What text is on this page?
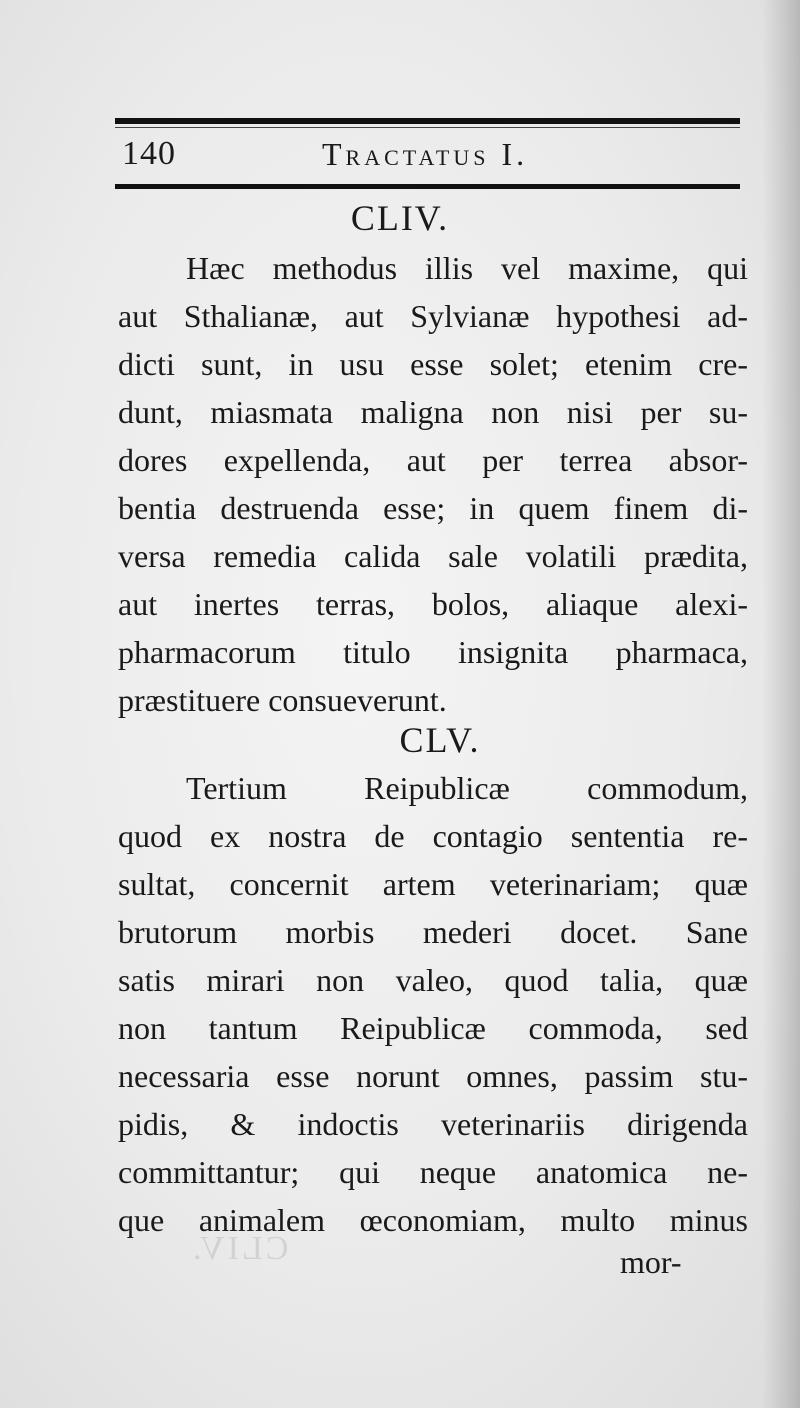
CLIV.
140	Tractatus I.
CLIV.
Hæc methodus illis vel maxime, qui
aut Sthalianæ, aut Sylvianæ hypothesi ad-
dicti sunt, in usu esse solet; etenim cre-
dunt, miasmata maligna non nisi per su-
dores expellenda, aut per terrea absor-
bentia destruenda esse; in quem finem di-
versa remedia calida sale volatili prædita,
aut inertes terras, bolos, aliaque alexi-
pharmacorum titulo insignita pharmaca,
præstituere consueverunt.
CLV.
Tertium Reipublicæ commodum,
quod ex nostra de contagio sententia re-
sultat, concernit artem veterinariam; quæ
brutorum morbis mederi docet. Sane
satis mirari non valeo, quod talia, quæ
non tantum Reipublicæ commoda, sed
necessaria esse norunt omnes, passim stu-
pidis, & indoctis veterinariis dirigenda
committantur; qui neque anatomica ne-
que animalem œconomiam, multo minus
mor-
